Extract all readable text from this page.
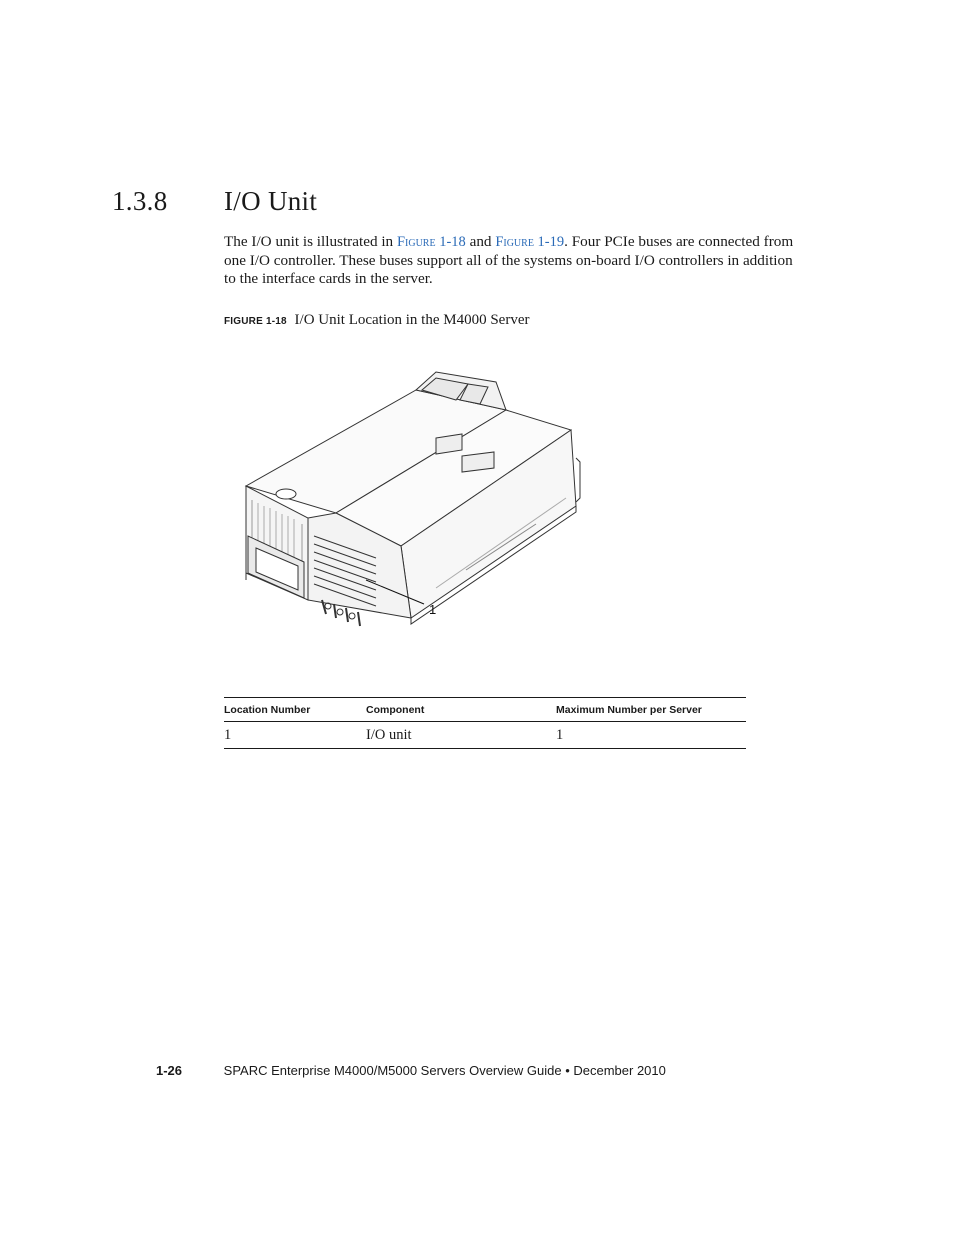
1.3.8 I/O Unit
The I/O unit is illustrated in Figure 1-18 and Figure 1-19. Four PCIe buses are connected from one I/O controller. These buses support all of the systems on-board I/O controllers in addition to the interface cards in the server.
FIGURE 1-18 I/O Unit Location in the M4000 Server
1
Location Number	Component	Maximum Number per Server
1	I/O unit	1
1-26	SPARC Enterprise M4000/M5000 Servers Overview Guide • December 2010
